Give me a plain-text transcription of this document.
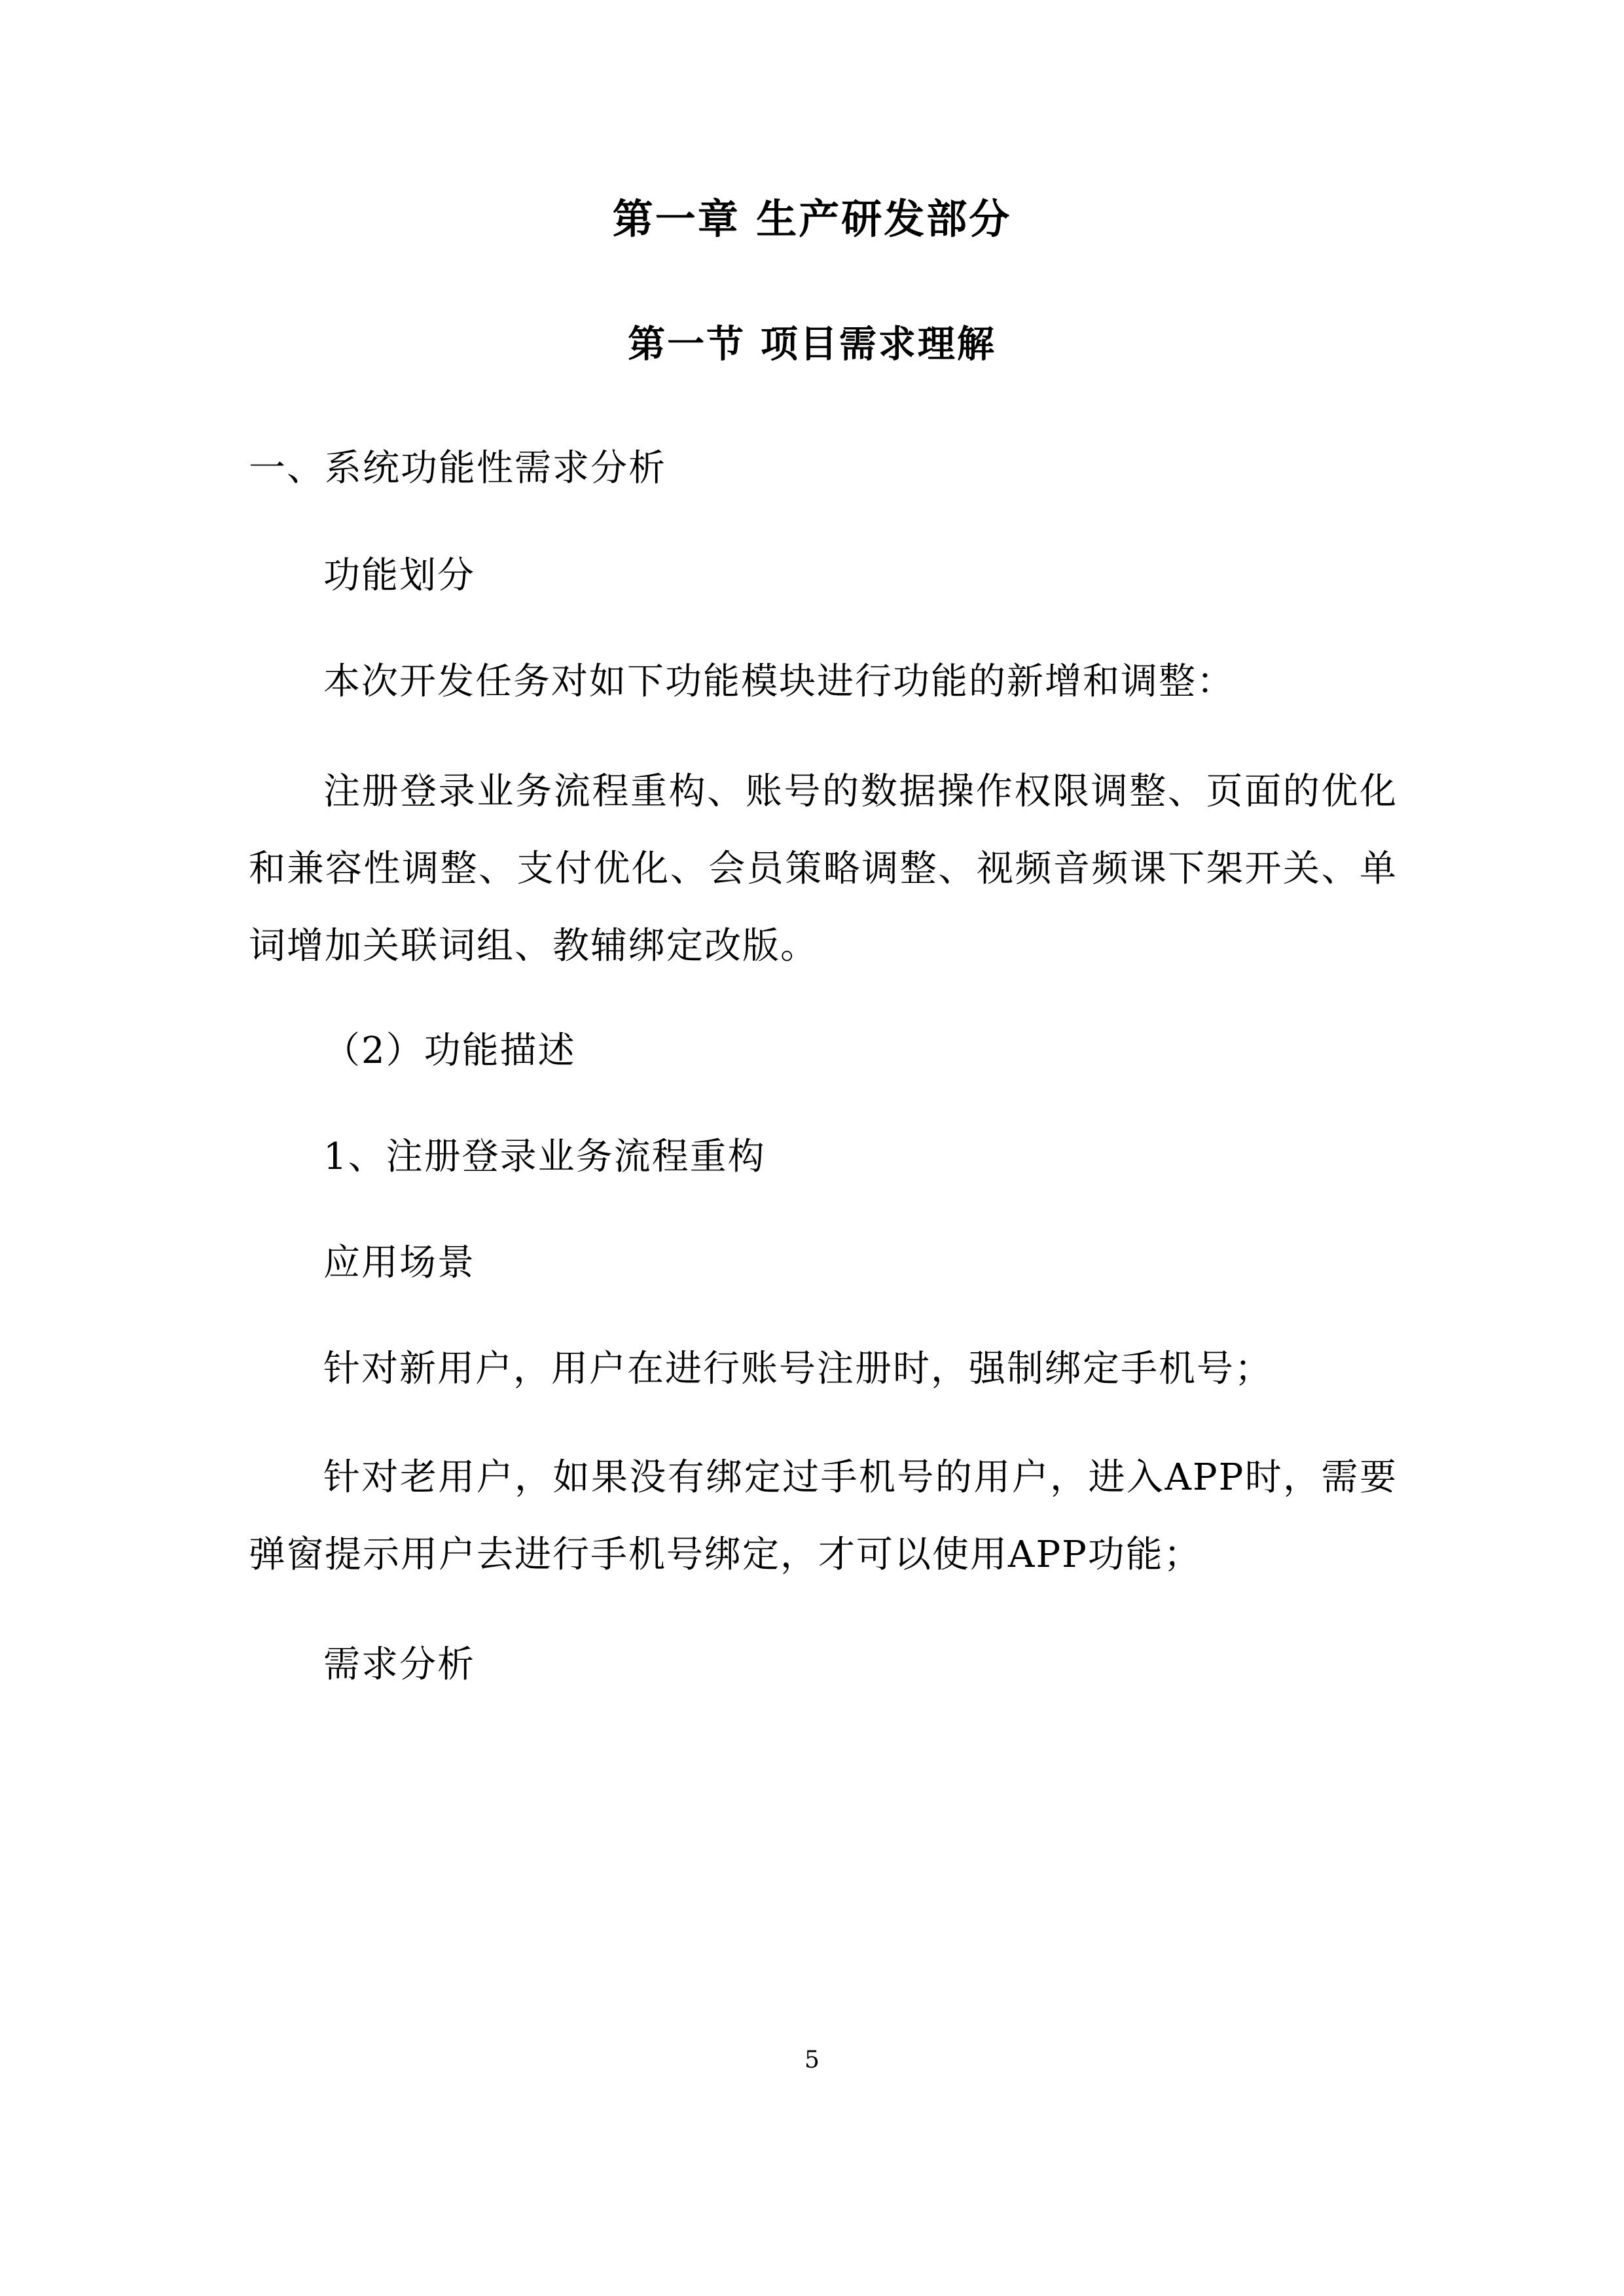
第一章 生产研发部分
第一节 项目需求理解
一、系统功能性需求分析
功能划分
本次开发任务对如下功能模块进行功能的新增和调整：
注册登录业务流程重构、账号的数据操作权限调整、页面的优化和兼容性调整、支付优化、会员策略调整、视频音频课下架开关、单词增加关联词组、教辅绑定改版。
（2）功能描述
1、注册登录业务流程重构
应用场景
针对新用户，用户在进行账号注册时，强制绑定手机号；
针对老用户，如果没有绑定过手机号的用户，进入APP时，需要弹窗提示用户去进行手机号绑定，才可以使用APP功能；
需求分析
5
